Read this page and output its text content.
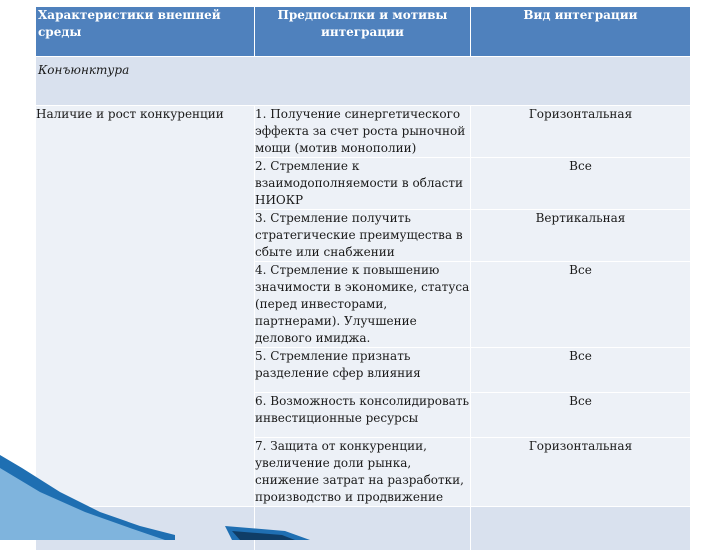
Характеристики внешней среды	Предпосылки и мотивы интеграции	Вид интеграции
Конъюнктура		
Наличие и рост конкуренции	1. Получение синергетического эффекта за счет роста рыночной мощи (мотив монополии)	Горизонтальная
	2. Стремление к взаимодополняемости в области НИОКР	Все
	3. Стремление получить стратегические преимущества в сбыте или снабжении	Вертикальная
	4. Стремление к повышению значимости в экономике, статуса (перед инвесторами, партнерами). Улучшение делового имиджа.	Все
	5. Стремление признать разделение сфер влияния	Все
	6. Возможность консолидировать инвестиционные ресурсы	Все
	7. Защита от конкуренции, увеличение доли рынка, снижение затрат на разработки, производство и продвижение	Горизонтальная
